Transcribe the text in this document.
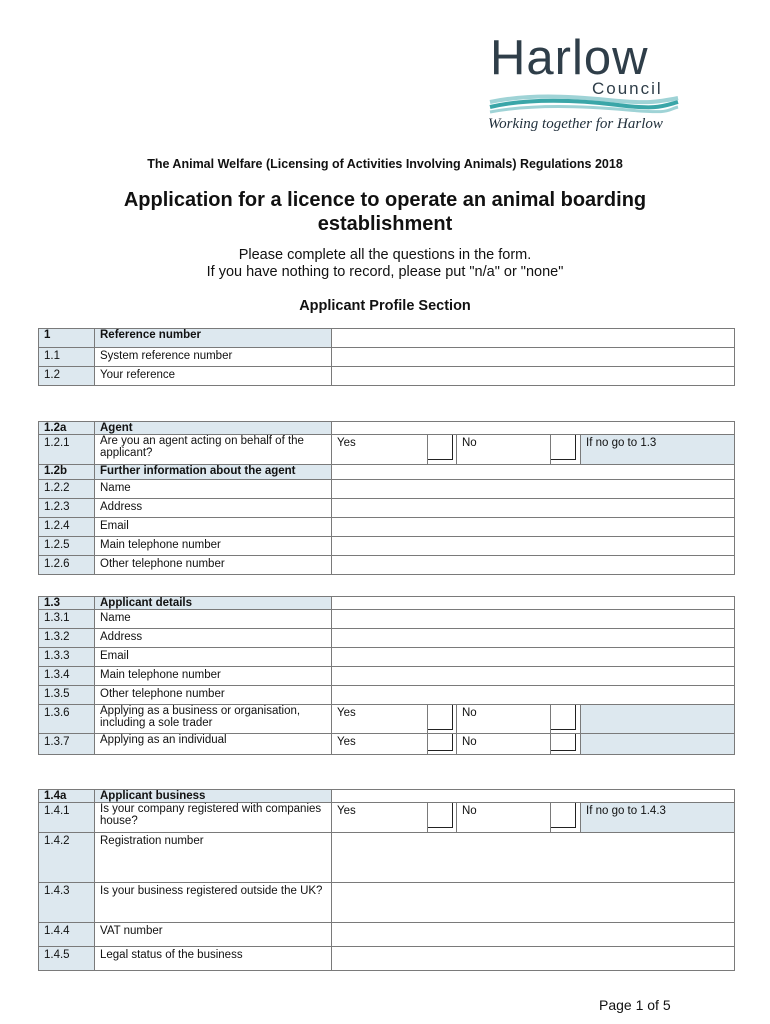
Harlow
Council
Working together for Harlow
The Animal Welfare (Licensing of Activities Involving Animals) Regulations 2018
Application for a licence to operate an animal boarding
establishment
Please complete all the questions in the form.
If you have nothing to record, please put "n/a" or "none"
Applicant Profile Section
1	Reference number	
1.1	System reference number	
1.2	Your reference	
1.2a	Agent					
1.2.1	Are you an agent acting on behalf of the applicant?	Yes		No		If no go to 1.3
1.2b	Further information about the agent					
1.2.2	Name					
1.2.3	Address					
1.2.4	Email					
1.2.5	Main telephone number					
1.2.6	Other telephone number					
1.3	Applicant details					
1.3.1	Name					
1.3.2	Address					
1.3.3	Email					
1.3.4	Main telephone number					
1.3.5	Other telephone number					
1.3.6	Applying as a business or organisation, including a sole trader	Yes		No		
1.3.7	Applying as an individual	Yes		No		
1.4a	Applicant business					
1.4.1	Is your company registered with companies house?	Yes		No		If no go to 1.4.3
1.4.2	Registration number					
1.4.3	Is your business registered outside the UK?					
1.4.4	VAT number					
1.4.5	Legal status of the business					
Page 1 of 5
